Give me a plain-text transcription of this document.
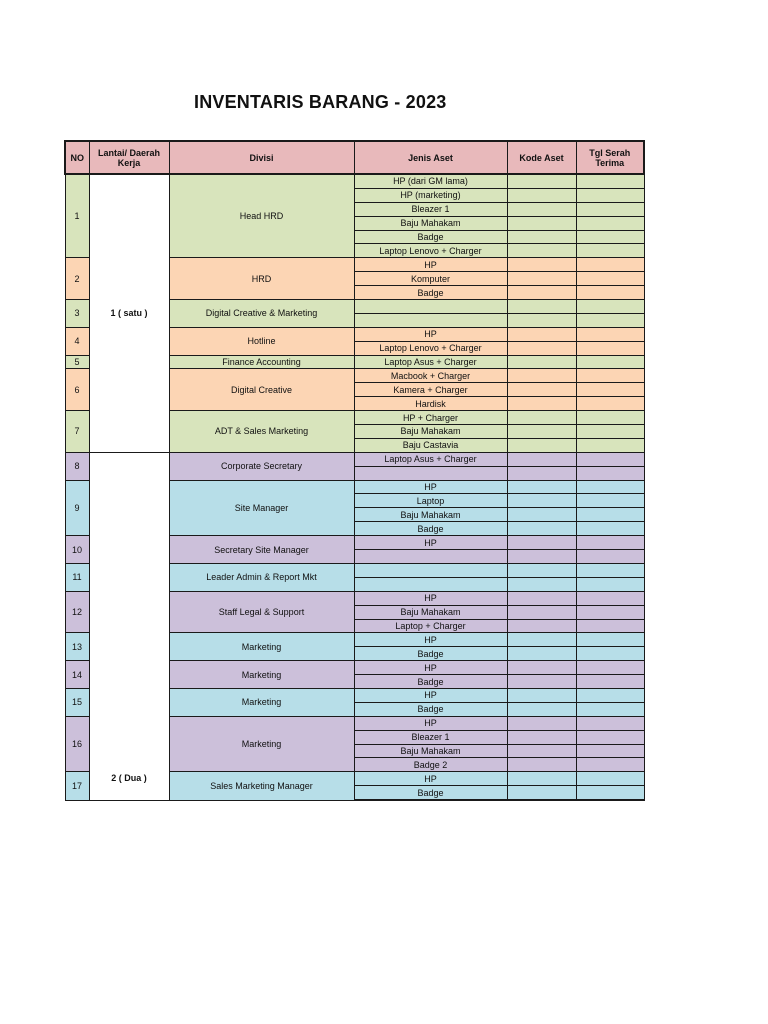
INVENTARIS BARANG - 2023
NO	Lantai/ Daerah Kerja	Divisi	Jenis Aset	Kode Aset	Tgl Serah Terima
1	1 ( satu )	Head HRD	HP (dari GM lama)		
			HP (marketing)		
			Bleazer 1		
			Baju Mahakam		
			Badge		
			Laptop Lenovo + Charger		
2		HRD	HP		
			Komputer		
			Badge		
3		Digital Creative & Marketing			

4		Hotline	HP		
			Laptop Lenovo + Charger		
5		Finance Accounting	Laptop Asus + Charger		
6		Digital Creative	Macbook + Charger		
			Kamera + Charger		
			Hardisk		
7		ADT & Sales Marketing	HP + Charger		
			Baju Mahakam		
			Baju Castavia		
8	2 ( Dua )	Corporate Secretary	Laptop Asus + Charger		

9		Site Manager	HP		
			Laptop		
			Baju Mahakam		
			Badge		
10		Secretary Site Manager	HP		

11		Leader Admin & Report Mkt			

12		Staff Legal & Support	HP		
			Baju Mahakam		
			Laptop + Charger		
13		Marketing	HP		
			Badge		
14		Marketing	HP		
			Badge		
15		Marketing	HP		
			Badge		
16		Marketing	HP		
			Bleazer 1		
			Baju Mahakam		
			Badge 2		
17		Sales Marketing Manager	HP		
			Badge		
